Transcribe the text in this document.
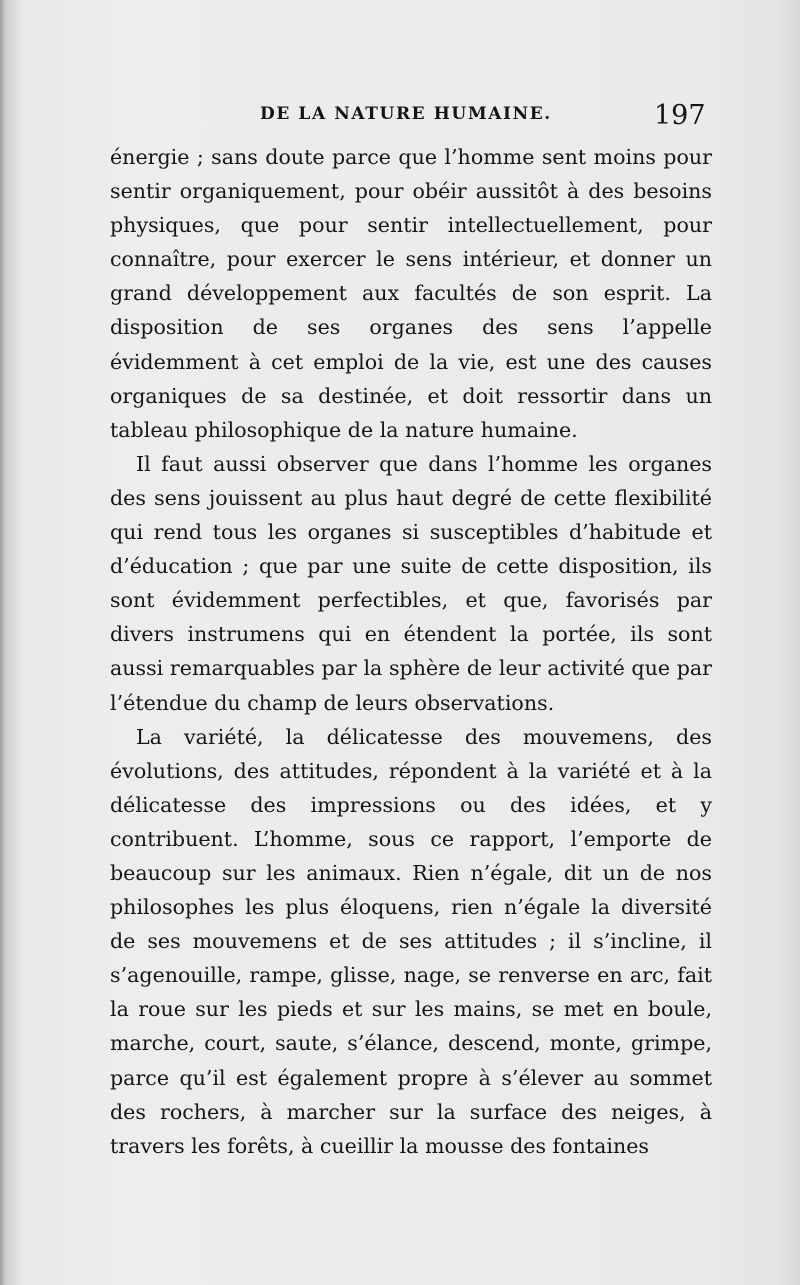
DE LA NATURE HUMAINE.	197

énergie ; sans doute parce que l’homme sent moins pour sentir organiquement, pour obéir aussitôt à des besoins physiques, que pour sentir intellectuellement, pour connaître, pour exercer le sens intérieur, et donner un grand développement aux facultés de son esprit. La disposition de ses organes des sens l’appelle évidemment à cet emploi de la vie, est une des causes organiques de sa destinée, et doit ressortir dans un tableau philosophique de la nature humaine.

Il faut aussi observer que dans l’homme les organes des sens jouissent au plus haut degré de cette flexibilité qui rend tous les organes si susceptibles d’habitude et d’éducation ; que par une suite de cette disposition, ils sont évidemment perfectibles, et que, favorisés par divers instrumens qui en étendent la portée, ils sont aussi remarquables par la sphère de leur activité que par l’étendue du champ de leurs observations.

La variété, la délicatesse des mouvemens, des évolutions, des attitudes, répondent à la variété et à la délicatesse des impressions ou des idées, et y contribuent. L’homme, sous ce rapport, l’emporte de beaucoup sur les animaux. Rien n’égale, dit un de nos philosophes les plus éloquens, rien n’égale la diversité de ses mouvemens et de ses attitudes ; il s’incline, il s’agenouille, rampe, glisse, nage, se renverse en arc, fait la roue sur les pieds et sur les mains, se met en boule, marche, court, saute, s’élance, descend, monte, grimpe, parce qu’il est également propre à s’élever au sommet des rochers, à marcher sur la surface des neiges, à travers les forêts, à cueillir la mousse des fontaines
